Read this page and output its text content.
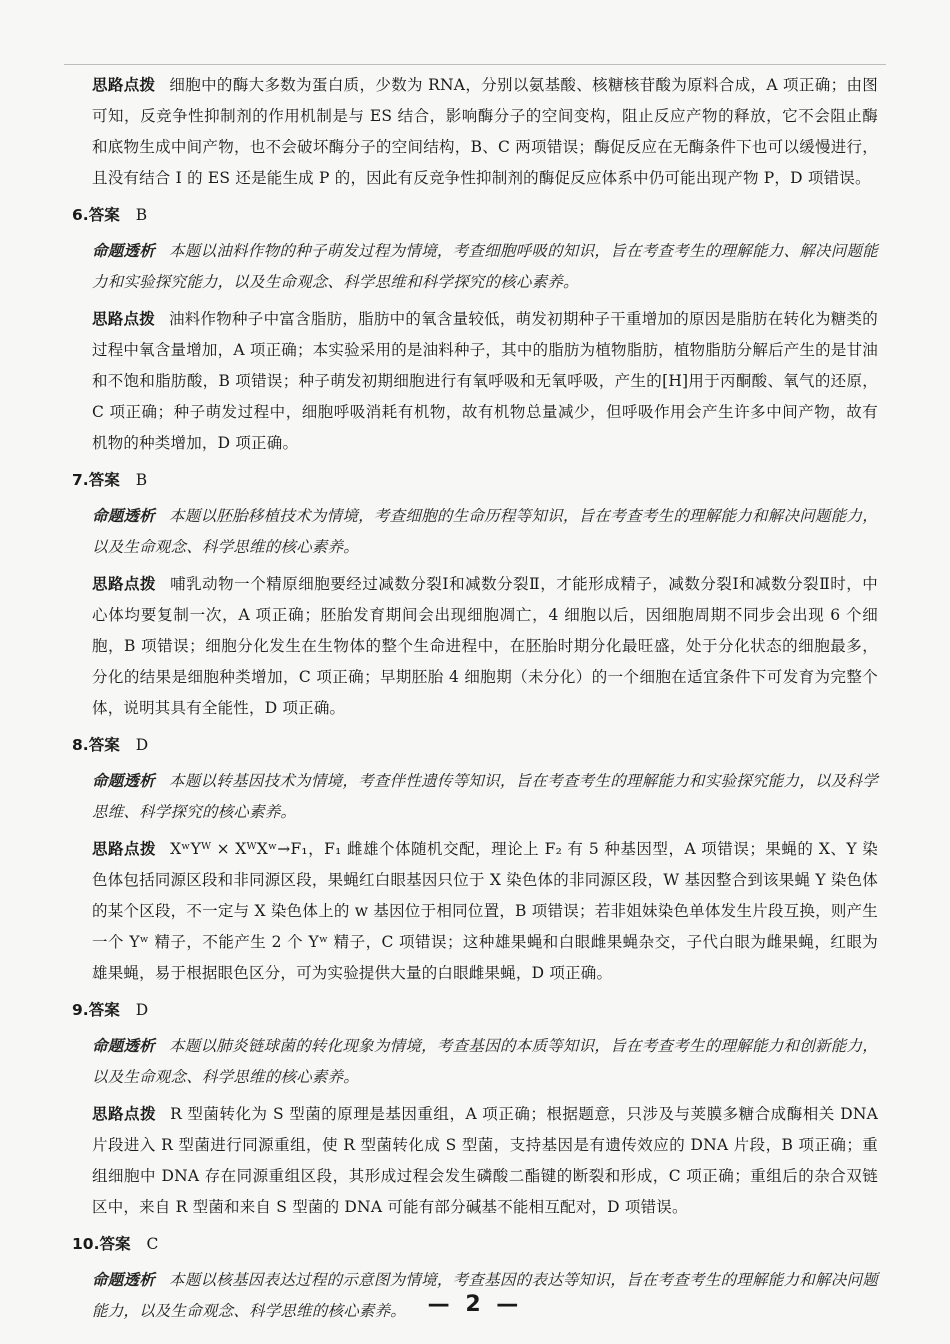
思路点拨 细胞中的酶大多数为蛋白质，少数为 RNA，分别以氨基酸、核糖核苷酸为原料合成，A 项正确；由图可知，反竞争性抑制剂的作用机制是与 ES 结合，影响酶分子的空间变构，阻止反应产物的释放，它不会阻止酶和底物生成中间产物，也不会破坏酶分子的空间结构，B、C 两项错误；酶促反应在无酶条件下也可以缓慢进行，且没有结合 I 的 ES 还是能生成 P 的，因此有反竞争性抑制剂的酶促反应体系中仍可能出现产物 P，D 项错误。

6.答案 B

命题透析 本题以油料作物的种子萌发过程为情境，考查细胞呼吸的知识，旨在考查考生的理解能力、解决问题能力和实验探究能力，以及生命观念、科学思维和科学探究的核心素养。

思路点拨 油料作物种子中富含脂肪，脂肪中的氧含量较低，萌发初期种子干重增加的原因是脂肪在转化为糖类的过程中氧含量增加，A 项正确；本实验采用的是油料种子，其中的脂肪为植物脂肪，植物脂肪分解后产生的是甘油和不饱和脂肪酸，B 项错误；种子萌发初期细胞进行有氧呼吸和无氧呼吸，产生的[H]用于丙酮酸、氧气的还原，C 项正确；种子萌发过程中，细胞呼吸消耗有机物，故有机物总量减少，但呼吸作用会产生许多中间产物，故有机物的种类增加，D 项正确。

7.答案 B

命题透析 本题以胚胎移植技术为情境，考查细胞的生命历程等知识，旨在考查考生的理解能力和解决问题能力，以及生命观念、科学思维的核心素养。

思路点拨 哺乳动物一个精原细胞要经过减数分裂Ⅰ和减数分裂Ⅱ，才能形成精子，减数分裂Ⅰ和减数分裂Ⅱ时，中心体均要复制一次，A 项正确；胚胎发育期间会出现细胞凋亡，4 细胞以后，因细胞周期不同步会出现 6 个细胞，B 项错误；细胞分化发生在生物体的整个生命进程中，在胚胎时期分化最旺盛，处于分化状态的细胞最多，分化的结果是细胞种类增加，C 项正确；早期胚胎 4 细胞期（未分化）的一个细胞在适宜条件下可发育为完整个体，说明其具有全能性，D 项正确。

8.答案 D

命题透析 本题以转基因技术为情境，考查伴性遗传等知识，旨在考查考生的理解能力和实验探究能力，以及科学思维、科学探究的核心素养。

思路点拨 XʷYᵂ × XᵂXʷ→F₁，F₁ 雌雄个体随机交配，理论上 F₂ 有 5 种基因型，A 项错误；果蝇的 X、Y 染色体包括同源区段和非同源区段，果蝇红白眼基因只位于 X 染色体的非同源区段，W 基因整合到该果蝇 Y 染色体的某个区段，不一定与 X 染色体上的 w 基因位于相同位置，B 项错误；若非姐妹染色单体发生片段互换，则产生一个 Yʷ 精子，不能产生 2 个 Yʷ 精子，C 项错误；这种雄果蝇和白眼雌果蝇杂交，子代白眼为雌果蝇，红眼为雄果蝇，易于根据眼色区分，可为实验提供大量的白眼雌果蝇，D 项正确。

9.答案 D

命题透析 本题以肺炎链球菌的转化现象为情境，考查基因的本质等知识，旨在考查考生的理解能力和创新能力，以及生命观念、科学思维的核心素养。

思路点拨 R 型菌转化为 S 型菌的原理是基因重组，A 项正确；根据题意，只涉及与荚膜多糖合成酶相关 DNA 片段进入 R 型菌进行同源重组，使 R 型菌转化成 S 型菌，支持基因是有遗传效应的 DNA 片段，B 项正确；重组细胞中 DNA 存在同源重组区段，其形成过程会发生磷酸二酯键的断裂和形成，C 项正确；重组后的杂合双链区中，来自 R 型菌和来自 S 型菌的 DNA 可能有部分碱基不能相互配对，D 项错误。

10.答案 C

命题透析 本题以核基因表达过程的示意图为情境，考查基因的表达等知识，旨在考查考生的理解能力和解决问题能力，以及生命观念、科学思维的核心素养。 — 2 —
